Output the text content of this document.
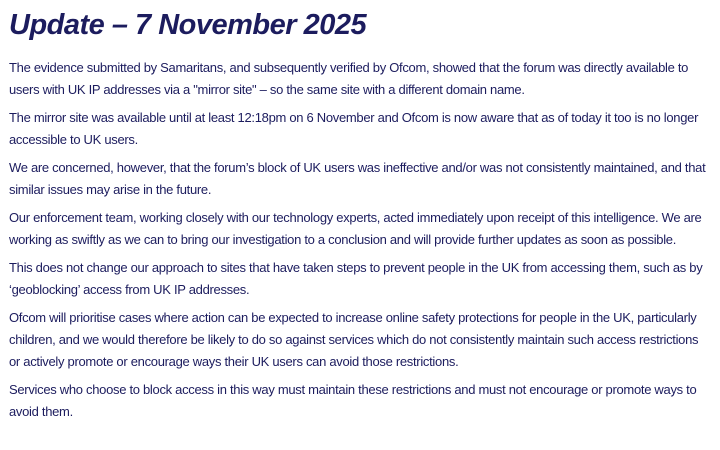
Update – 7 November 2025

The evidence submitted by Samaritans, and subsequently verified by Ofcom, showed that the forum was directly available to users with UK IP addresses via a "mirror site" – so the same site with a different domain name.

The mirror site was available until at least 12:18pm on 6 November and Ofcom is now aware that as of today it too is no longer accessible to UK users.

We are concerned, however, that the forum’s block of UK users was ineffective and/or was not consistently maintained, and that similar issues may arise in the future.

Our enforcement team, working closely with our technology experts, acted immediately upon receipt of this intelligence. We are working as swiftly as we can to bring our investigation to a conclusion and will provide further updates as soon as possible.

This does not change our approach to sites that have taken steps to prevent people in the UK from accessing them, such as by ‘geoblocking’ access from UK IP addresses.

Ofcom will prioritise cases where action can be expected to increase online safety protections for people in the UK, particularly children, and we would therefore be likely to do so against services which do not consistently maintain such access restrictions or actively promote or encourage ways their UK users can avoid those restrictions.

Services who choose to block access in this way must maintain these restrictions and must not encourage or promote ways to avoid them.
